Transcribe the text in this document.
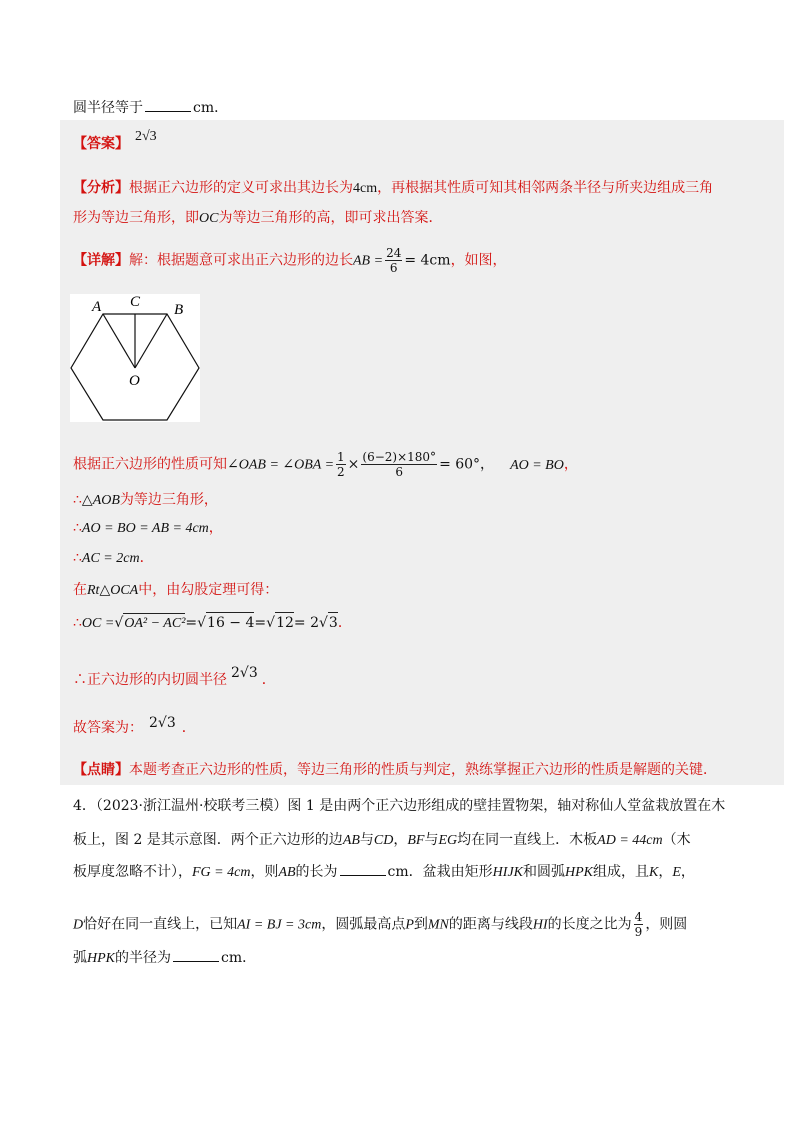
圆半径等于	cm．
【答案】 2√3
【分析】根据正六边形的定义可求出其边长为4cm，再根据其性质可知其相邻两条半径与所夹边组成三角
形为等边三角形，即OC为等边三角形的高，即可求出答案．
【详解】解：根据题意可求出正六边形的边长AB = $\frac{24}{6} = 4cm$，如图，
A	B
C
O
根据正六边形的性质可知∠OAB = ∠OBA = $\frac{1}{2} \times \frac{(6-2)\times 180^\circ}{6} = 60^\circ$， AO = BO，
∴△AOB为等边三角形，
∴AO = BO = AB = 4cm，
∴AC = 2cm．
在Rt△OCA中，由勾股定理可得：
∴OC =√OA² − AC²=√16 − 4=√12= 2√3．
∴正六边形的内切圆半径 2√3 ．
故答案为： 2√3 ．
【点睛】本题考查正六边形的性质，等边三角形的性质与判定，熟练掌握正六边形的性质是解题的关键．
4．（2023·浙江温州·校联考三模）图 1 是由两个正六边形组成的壁挂置物架，轴对称仙人堂盆栽放置在木
板上，图 2 是其示意图．两个正六边形的边AB与CD，BF与EG均在同一直线上．木板AD = 44cm（木
板厚度忽略不计），FG = 4cm，则AB的长为	cm．盆栽由矩形HIJK和圆弧HPK组成，且K，E，
D恰好在同一直线上，已知AI = BJ = 3cm，圆弧最高点P到MN的距离与线段HI的长度之比为 $\frac{4}{9}$ ，则圆
弧HPK的半径为	cm．
